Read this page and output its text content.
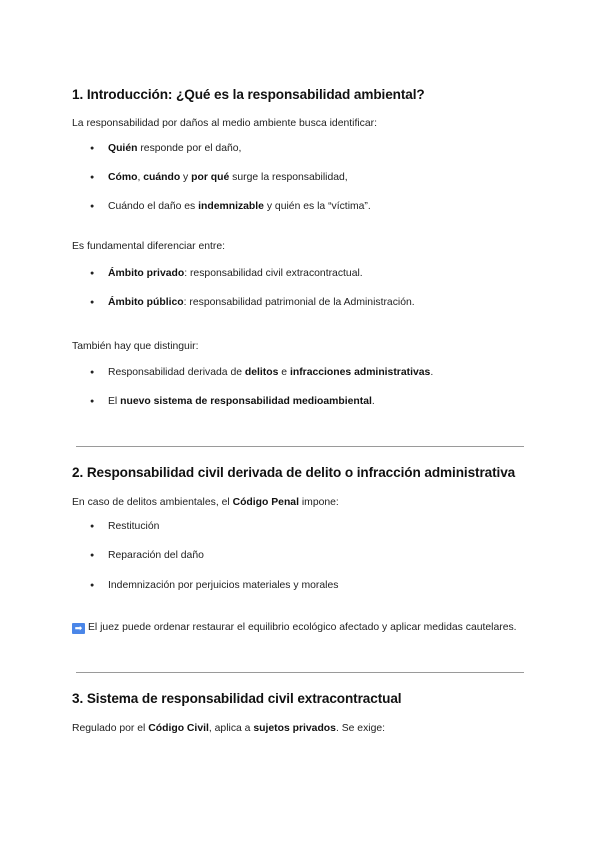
1. Introducción: ¿Qué es la responsabilidad ambiental?

La responsabilidad por daños al medio ambiente busca identificar:

●	Quién responde por el daño,
●	Cómo, cuándo y por qué surge la responsabilidad,
●	Cuándo el daño es indemnizable y quién es la “víctima”.

Es fundamental diferenciar entre:

●	Ámbito privado: responsabilidad civil extracontractual.
●	Ámbito público: responsabilidad patrimonial de la Administración.

También hay que distinguir:

●	Responsabilidad derivada de delitos e infracciones administrativas.
●	El nuevo sistema de responsabilidad medioambiental.
2. Responsabilidad civil derivada de delito o infracción administrativa

En caso de delitos ambientales, el Código Penal impone:

●	Restitución
●	Reparación del daño
●	Indemnización por perjuicios materiales y morales

➡ El juez puede ordenar restaurar el equilibrio ecológico afectado y aplicar medidas cautelares.

3. Sistema de responsabilidad civil extracontractual

Regulado por el Código Civil, aplica a sujetos privados. Se exige:
